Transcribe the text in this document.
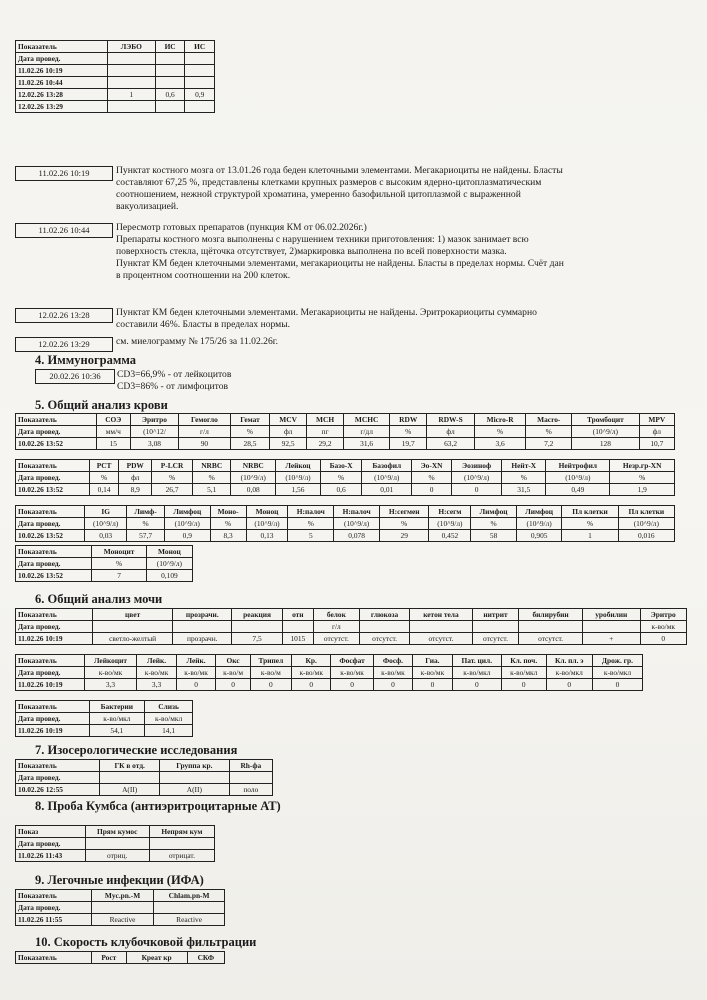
Показатель	ЛЭБО	ИС	ИС
Дата провед.			
11.02.26 10:19			
11.02.26 10:44			
12.02.26 13:28	1	0,6	0,9
12.02.26 13:29			
11.02.26 10:19	Пунктат костного мозга от 13.01.26 года беден клеточными элементами. Мегакариоциты не найдены. Бласты
составляют 67,25 %, представлены клетками крупных размеров с высоким ядерно-цитоплазматическим
соотношением, нежной структурой хроматина, умеренно базофильной цитоплазмой с выраженной
вакуолизацией.
11.02.26 10:44	Пересмотр готовых препаратов (пункция КМ от 06.02.2026г.)
Препараты костного мозга выполнены с нарушением техники приготовления: 1) мазок занимает всю
поверхность стекла, щёточка отсутствует, 2)маркировка выполнена по всей поверхности мазка.
Пунктат КМ беден клеточными элементами, мегакариоциты не найдены. Бласты в пределах нормы. Счёт дан
в процентном соотношении на 200 клеток.
12.02.26 13:28	Пунктат КМ беден клеточными элементами. Мегакариоциты не найдены. Эритрокариоциты суммарно
составили 46%. Бласты в пределах нормы.
12.02.26 13:29	см. миелограмму № 175/26 за 11.02.26г.
4. Иммунограмма
20.02.26 10:36	CD3=66,9% - от лейкоцитов
CD3=86% - от лимфоцитов
5. Общий анализ крови
Показатель	СОЭ	Эритро	Гемогло	Гемат	MCV	MCH	MCHC	RDW	RDW-S	Micro-R	Macro-	Тромбоцит	MPV
Дата провед.	мм/ч	(10^12/	г/л	%	фл	пг	г/дл	%	фл	%	%	(10^9/л)	фл
10.02.26 13:52	15	3,08	90	28,5	92,5	29,2	31,6	19,7	63,2	3,6	7,2	128	10,7
Показатель	PCT	PDW	P-LCR	NRBC	NRBC	Лейкоц	Базо-Х	Базофил	Эо-XN	Эозиноф	Нейт-Х	Нейтрофил	Незр.гр-XN
Дата провед.	%	фл	%	%	(10^9/л)	(10^9/л)	%	(10^9/л)	%	(10^9/л)	%	(10^9/л)	%
10.02.26 13:52	0,14	8,9	26,7	5,1	0,08	1,56	0,6	0,01	0	0	31,5	0,49	1,9
Показатель	IG	Лимф-	Лимфоц	Моно-	Моноц	Н:палоч	Н:палоч	Н:сегмен	Н:сегм	Лимфоц	Лимфоц	Пл клетки	Пл клетки
Дата провед.	(10^9/л)	%	(10^9/л)	%	(10^9/л)	%	(10^9/л)	%	(10^9/л)	%	(10^9/л)	%	(10^9/л)
10.02.26 13:52	0,03	57,7	0,9	8,3	0,13	5	0,078	29	0,452	58	0,905	1	0,016
Показатель	Моноцит	Моноц
Дата провед.	%	(10^9/л)
10.02.26 13:52	7	0,109
6. Общий анализ мочи
Показатель	цвет	прозрачн.	реакция	отн	белок	глюкоза	кетон тела	нитрит	билирубин	уробилин	Эритро
Дата провед.					г/л						к-во/мк
11.02.26 10:19	светло-желтый	прозрачн.	7,5	1015	отсутст.	отсутст.	отсутст.	отсутст.	отсутст.	+	0
Показатель	Лейкоцит	Лейк.	Лейк.	Окс	Трипел	Кр.	Фосфат	Фосф.	Гиа.	Пат. цил.	Кл. поч.	Кл. пл. э	Дрож. гр.
Дата провед.	к-во/мк	к-во/мк	к-во/мк	к-во/м	к-во/м	к-во/мк	к-во/мк	к-во/мк	к-во/мк	к-во/мкл	к-во/мкл	к-во/мкл	к-во/мкл
11.02.26 10:19	3,3	3,3	0	0	0	0	0	0	0	0	0	0	0
Показатель	Бактерии	Слизь
Дата провед.	к-во/мкл	к-во/мкл
11.02.26 10:19	54,1	14,1
7. Изосерологические исследования
Показатель	ГК в отд.	Группа кр.	Rh-фа
Дата провед.			
10.02.26 12:55	A(II)	A(II)	поло
8. Проба Кумбса (антиэритроцитарные АТ)
Показ	Прям кумос	Непрям кум
Дата провед.		
11.02.26 11:43	отриц.	отрицат.
9. Легочные инфекции (ИФА)
Показатель	Myc.pn.-M	Chlam.pn-M
Дата провед.		
11.02.26 11:55	Reactive	Reactive
10. Скорость клубочковой фильтрации
Показатель	Рост	Креат кр	СКФ
